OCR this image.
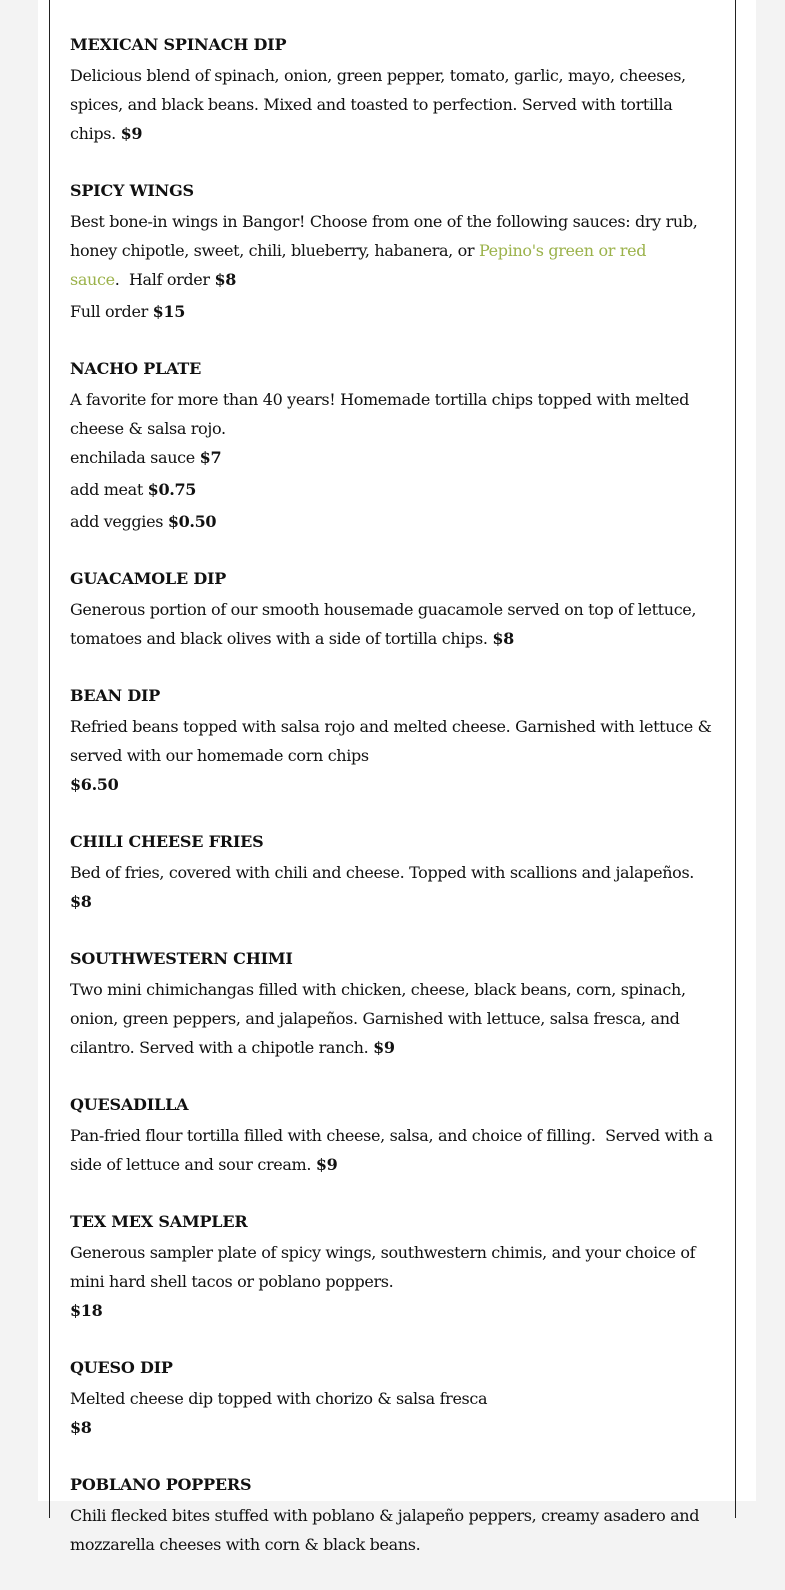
MEXICAN SPINACH DIP

Delicious blend of spinach, onion, green pepper, tomato, garlic, mayo, cheeses, spices, and black beans. Mixed and toasted to perfection. Served with tortilla chips. $9

SPICY WINGS

Best bone-in wings in Bangor! Choose from one of the following sauces: dry rub, honey chipotle, sweet, chili, blueberry, habanera, or Pepino's green or red sauce.  Half order $8

Full order $15

NACHO PLATE

A favorite for more than 40 years! Homemade tortilla chips topped with melted cheese & salsa rojo.

enchilada sauce $7

add meat $0.75

add veggies $0.50

GUACAMOLE DIP

Generous portion of our smooth housemade guacamole served on top of lettuce, tomatoes and black olives with a side of tortilla chips. $8

BEAN DIP

Refried beans topped with salsa rojo and melted cheese. Garnished with lettuce & served with our homemade corn chips

$6.50

CHILI CHEESE FRIES

Bed of fries, covered with chili and cheese. Topped with scallions and jalapeños. $8

SOUTHWESTERN CHIMI

Two mini chimichangas filled with chicken, cheese, black beans, corn, spinach, onion, green peppers, and jalapeños. Garnished with lettuce, salsa fresca, and cilantro. Served with a chipotle ranch. $9

QUESADILLA

Pan-fried flour tortilla filled with cheese, salsa, and choice of filling.  Served with a side of lettuce and sour cream. $9

TEX MEX SAMPLER

Generous sampler plate of spicy wings, southwestern chimis, and your choice of mini hard shell tacos or poblano poppers.

$18

QUESO DIP

Melted cheese dip topped with chorizo & salsa fresca

$8

POBLANO POPPERS

Chili flecked bites stuffed with poblano & jalapeño peppers, creamy asadero and mozzarella cheeses with corn & black beans.
